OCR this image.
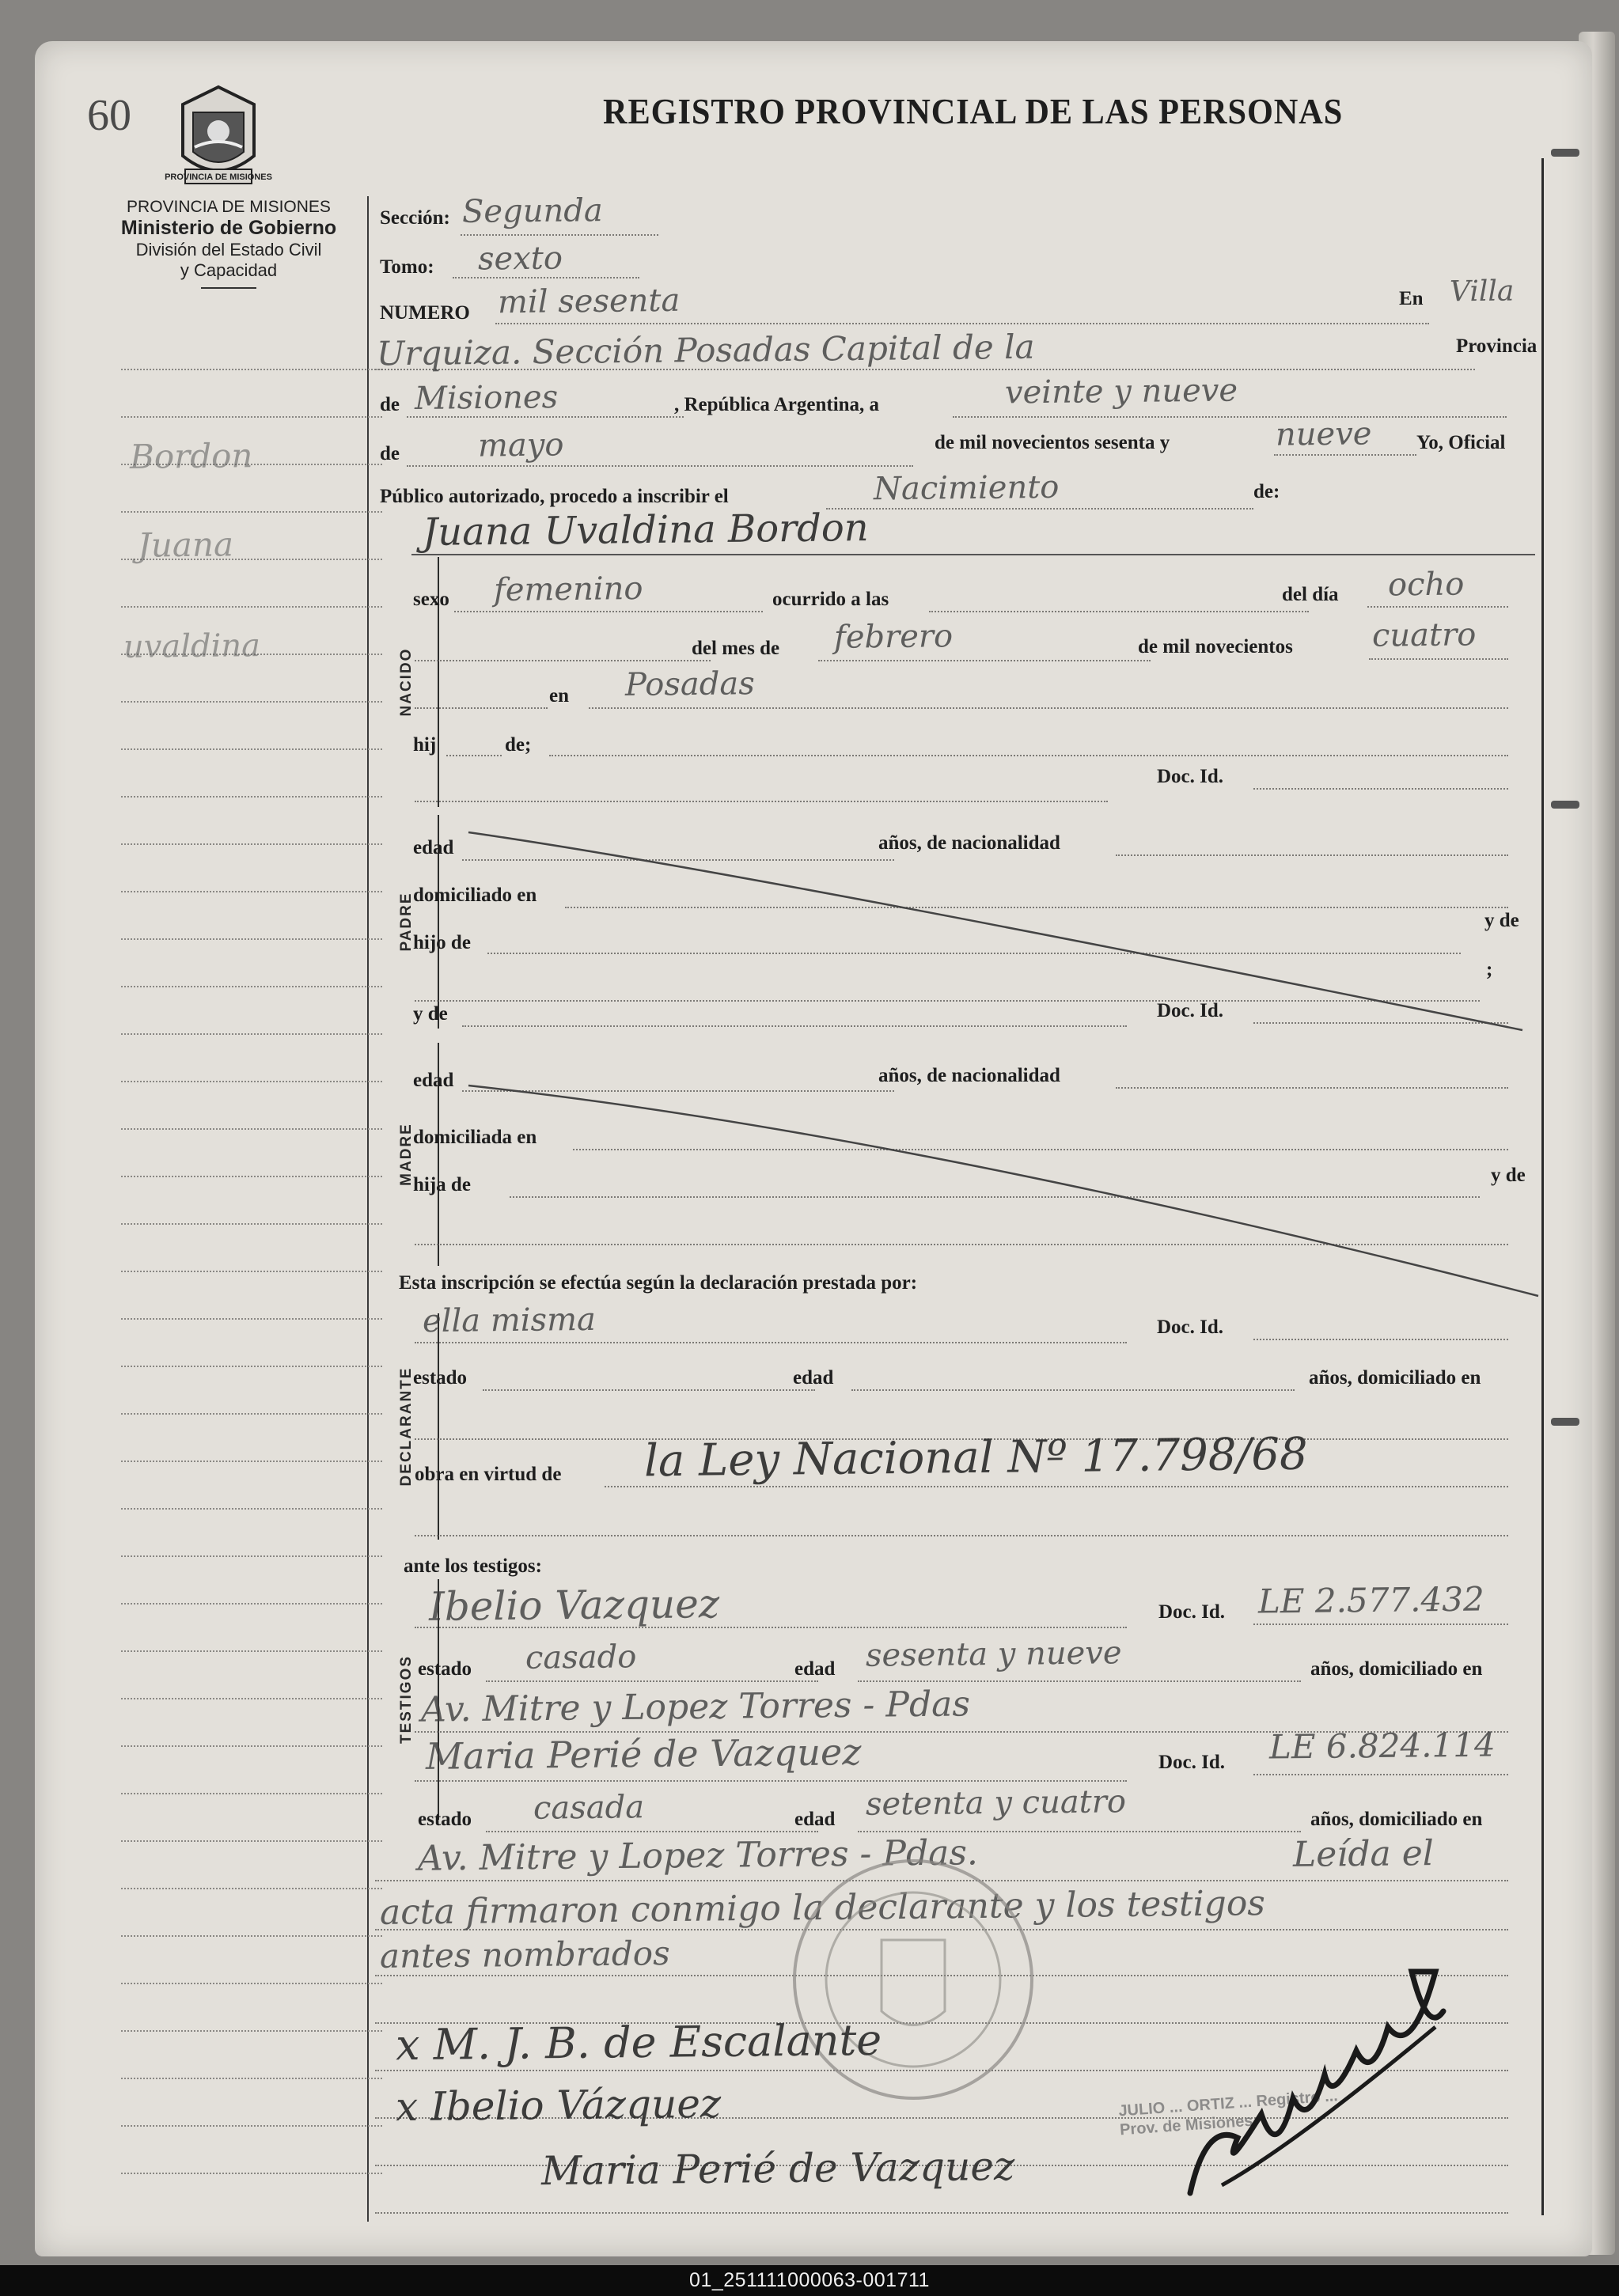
60
PROVINCIA DE MISIONES
REGISTRO PROVINCIAL DE LAS PERSONAS
PROVINCIA DE MISIONES
Ministerio de Gobierno
División del Estado Civil
y Capacidad
Bordon
Juana
uvaldina
Sección: Segunda
Tomo: sexto
NUMERO mil sesenta	En Villa
Urquiza. Sección Posadas Capital de la	Provincia
de Misiones	, República Argentina, a	veinte y nueve
de mayo	de mil novecientos sesenta y	nueve Yo, Oficial
Público autorizado, procedo a inscribir el	Nacimiento	de:
Juana Uvaldina Bordon
NACIDO
PADRE
MADRE
DECLARANTE
TESTIGOS
sexo femenino	ocurrido a las	del día ocho
del mes de febrero	de mil novecientos cuatro
en Posadas
hij	de;
Doc. Id.
edad	años, de nacionalidad
domiciliado en
hijo de
y de
;
y de	Doc. Id.
edad	años, de nacionalidad
domiciliada en
hija de	y de
Esta inscripción se efectúa según la declaración prestada por:
ella misma	Doc. Id.
estado	edad	años, domiciliado en
obra en virtud de la Ley Nacional Nº 17.798/68
ante los testigos:
Ibelio Vazquez	Doc. Id. LE 2.577.432
estado casado	edad sesenta y nueve	años, domiciliado en
Av. Mitre y Lopez Torres - Pdas
Maria Perié de Vazquez	Doc. Id. LE 6.824.114
estado casada	edad setenta y cuatro	años, domiciliado en
Av. Mitre y Lopez Torres - Pdas.	Leída el
acta firmaron conmigo la declarante y los testigos
antes nombrados
JULIO ... ORTIZ ... Registro ... Prov. de Misiones
x M. J. B. de Escalante
x Ibelio Vázquez
Maria Perié de Vazquez
01_251111000063-001711
